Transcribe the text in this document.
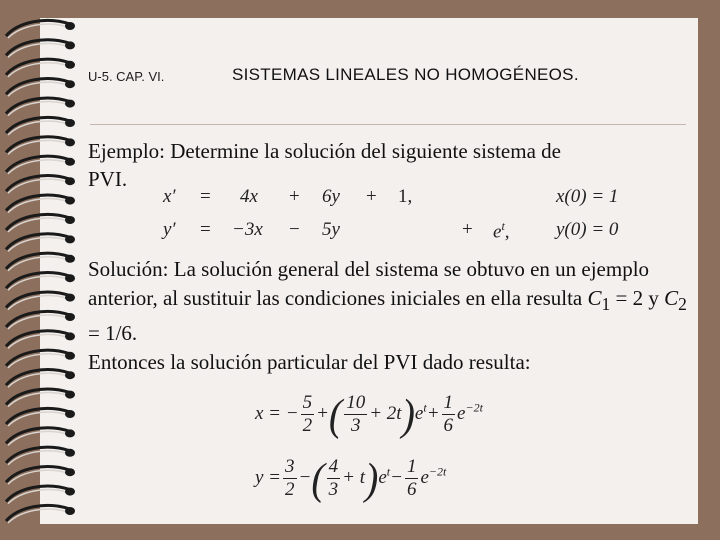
U-5. CAP. VI.	SISTEMAS LINEALES NO HOMOGÉNEOS.
Ejemplo: Determine la solución del siguiente sistema de
PVI.
x′ = 4x + 6y + 1,	x(0) = 1
y′ = −3x − 5y	+ $e^t$, y(0) = 0

Solución: La solución general del sistema se obtuvo en un ejemplo anterior, al sustituir las condiciones iniciales en ella resulta $C_1 = 2$ y $C_2 = 1/6$.

Entonces la solución particular del PVI dado resulta:

x = − $\frac{5}{2}$ +( $\frac{10}{3} + 2t)e^t+ \frac{1}{6} e^{-2t}$
$y = \frac{3}{2}$ −( $\frac{4}{3} + t)e^t- \frac{1}{6} e^{-2t}$
